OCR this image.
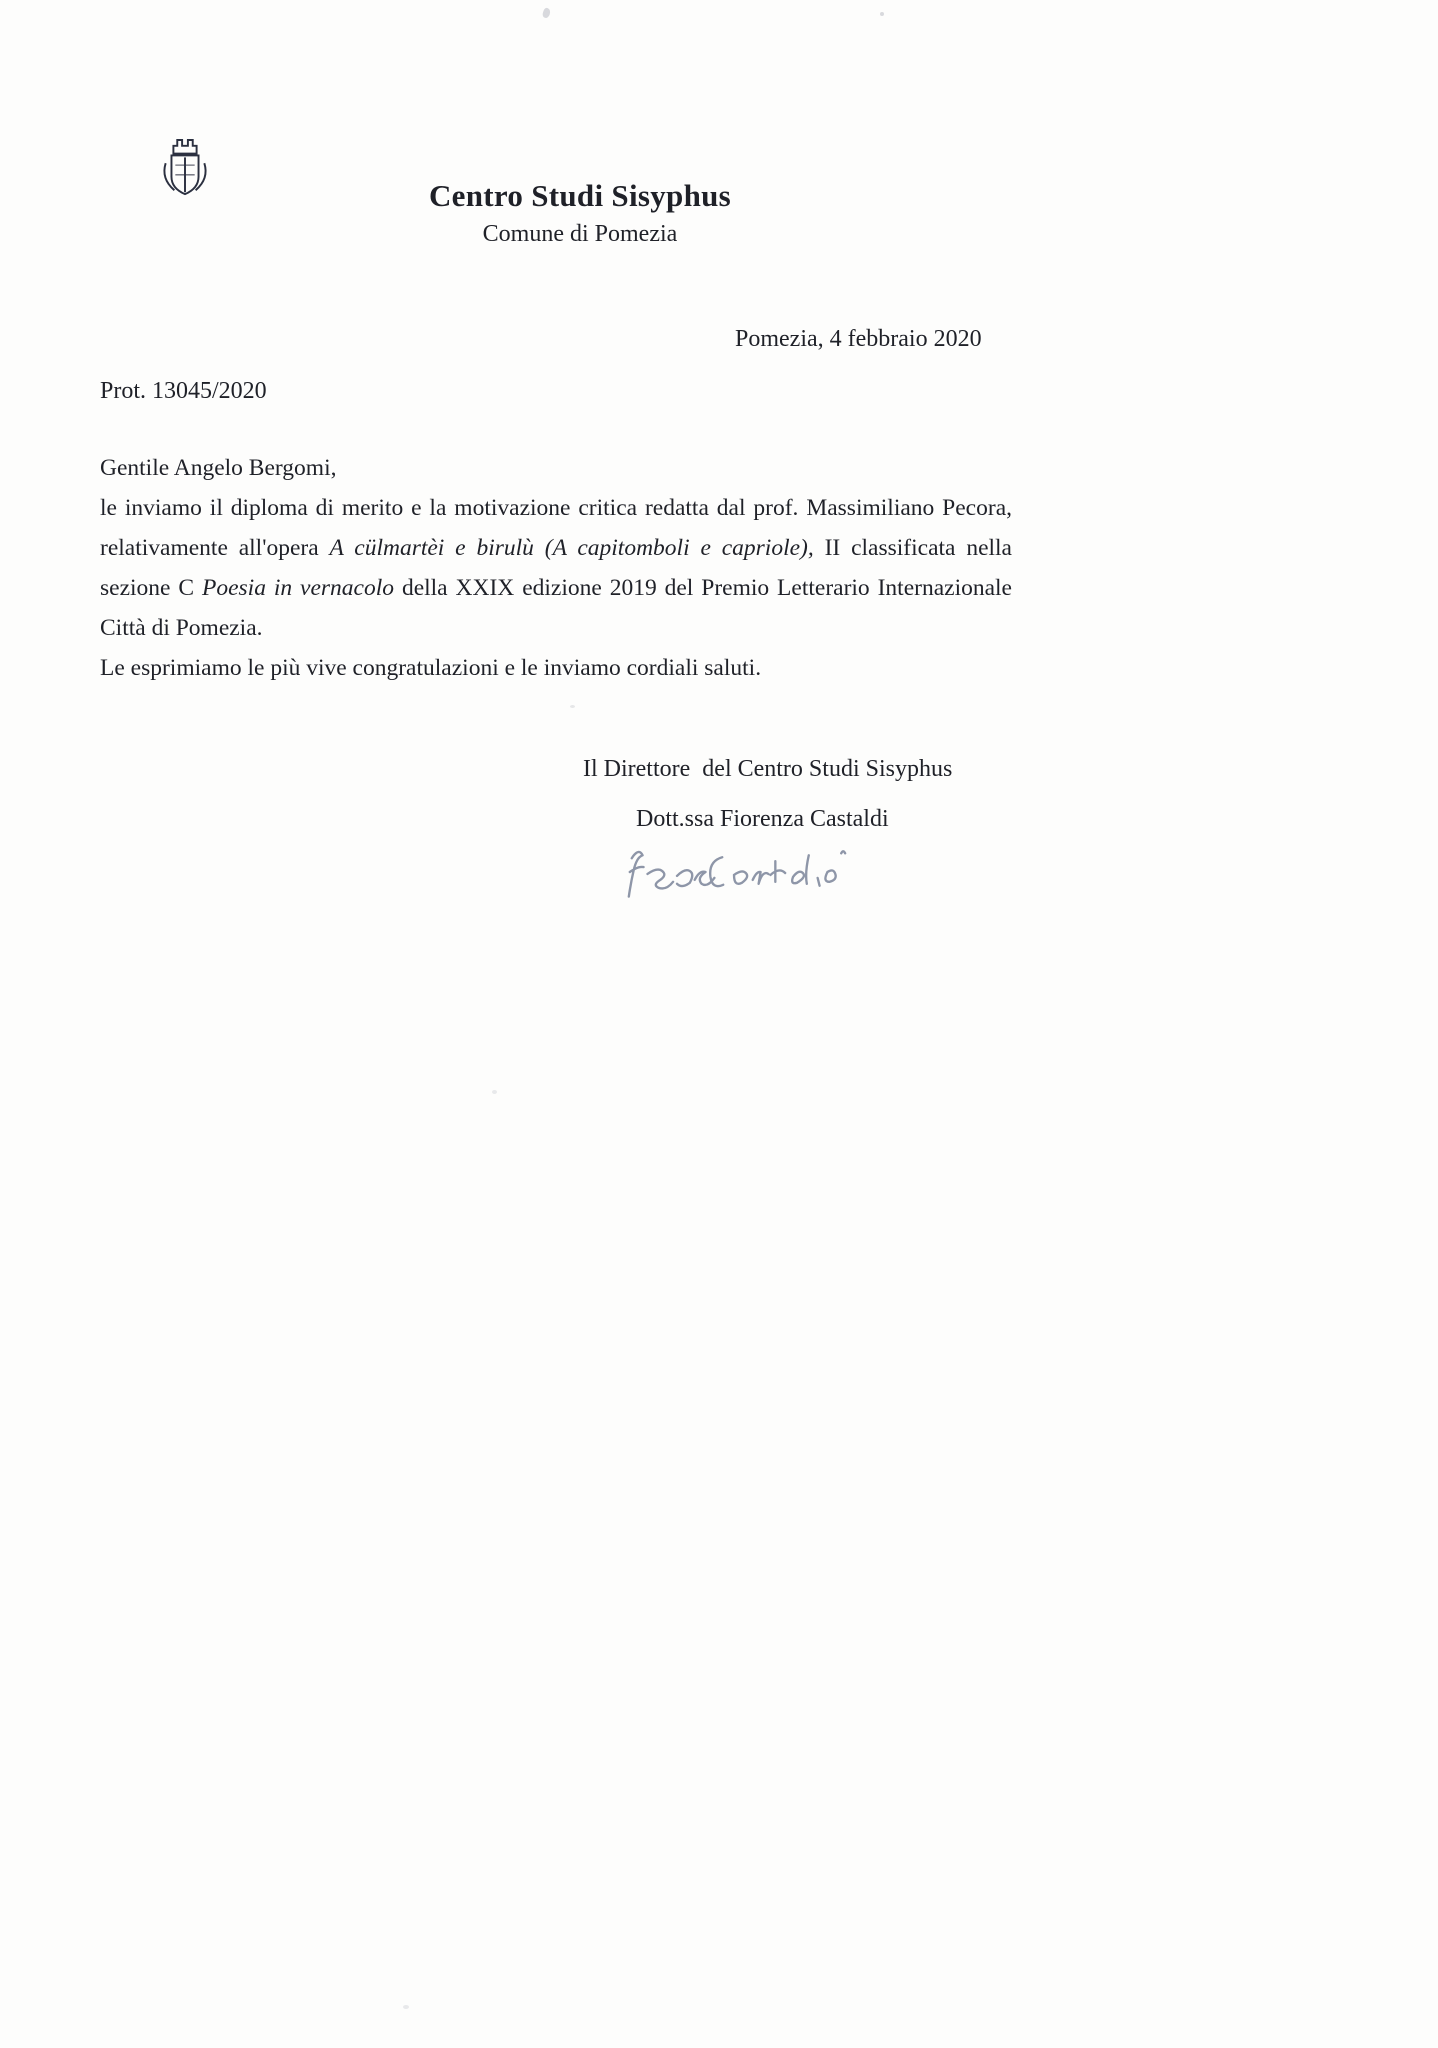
Centro Studi Sisyphus
Comune di Pomezia
Pomezia, 4 febbraio 2020
Prot. 13045/2020

Gentile Angelo Bergomi,

le inviamo il diploma di merito e la motivazione critica redatta dal prof. Massimiliano Pecora, relativamente all'opera A cülmartèi e birulù (A capitomboli e capriole), II classificata nella sezione C Poesia in vernacolo della XXIX edizione 2019 del Premio Letterario Internazionale Città di Pomezia.

Le esprimiamo le più vive congratulazioni e le inviamo cordiali saluti.

Il Direttore  del Centro Studi Sisyphus
Dott.ssa Fiorenza Castaldi
